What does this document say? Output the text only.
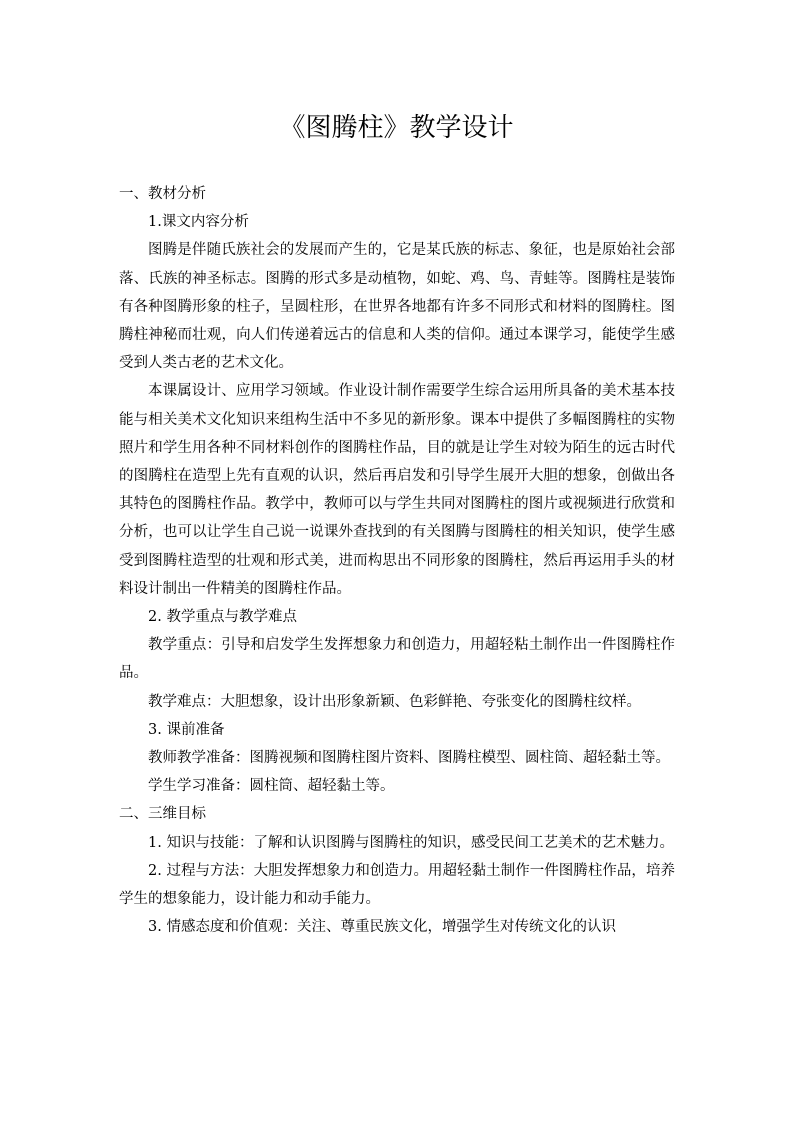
《图腾柱》教学设计

一、教材分析

1.课文内容分析

图腾是伴随氏族社会的发展而产生的，它是某氏族的标志、象征，也是原始社会部落、氏族的神圣标志。图腾的形式多是动植物，如蛇、鸡、鸟、青蛙等。图腾柱是装饰有各种图腾形象的柱子，呈圆柱形，在世界各地都有许多不同形式和材料的图腾柱。图腾柱神秘而壮观，向人们传递着远古的信息和人类的信仰。通过本课学习，能使学生感受到人类古老的艺术文化。

本课属设计、应用学习领域。作业设计制作需要学生综合运用所具备的美术基本技能与相关美术文化知识来组构生活中不多见的新形象。课本中提供了多幅图腾柱的实物照片和学生用各种不同材料创作的图腾柱作品，目的就是让学生对较为陌生的远古时代的图腾柱在造型上先有直观的认识，然后再启发和引导学生展开大胆的想象，创做出各其特色的图腾柱作品。教学中，教师可以与学生共同对图腾柱的图片或视频进行欣赏和分析，也可以让学生自己说一说课外查找到的有关图腾与图腾柱的相关知识，使学生感受到图腾柱造型的壮观和形式美，进而构思出不同形象的图腾柱，然后再运用手头的材料设计制出一件精美的图腾柱作品。

2. 教学重点与教学难点

教学重点：引导和启发学生发挥想象力和创造力，用超轻粘土制作出一件图腾柱作品。

教学难点：大胆想象，设计出形象新颖、色彩鲜艳、夸张变化的图腾柱纹样。

3. 课前准备

教师教学准备：图腾视频和图腾柱图片资料、图腾柱模型、圆柱筒、超轻黏土等。

学生学习准备：圆柱筒、超轻黏土等。

二、三维目标

1. 知识与技能：了解和认识图腾与图腾柱的知识，感受民间工艺美术的艺术魅力。

2. 过程与方法：大胆发挥想象力和创造力。用超轻黏土制作一件图腾柱作品，培养学生的想象能力，设计能力和动手能力。

3. 情感态度和价值观：关注、尊重民族文化，增强学生对传统文化的认识
